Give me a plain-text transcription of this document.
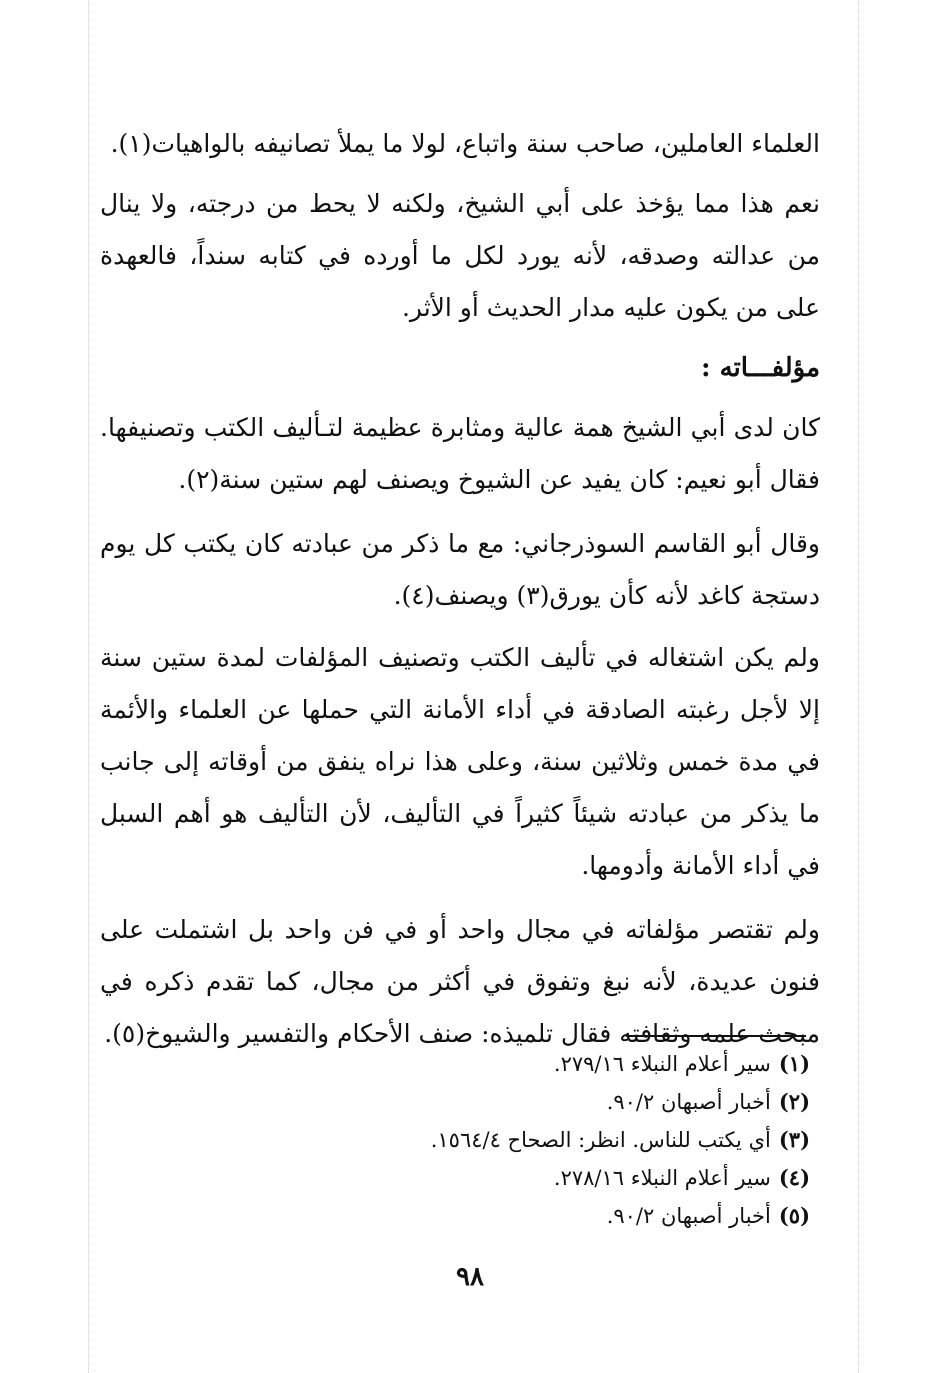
العلماء العاملين، صاحب سنة واتباع، لولا ما يملأ تصانيفه بالواهيات(١).

نعم هذا مما يؤخذ على أبي الشيخ، ولكنه لا يحط من درجته، ولا ينال من عدالته وصدقه، لأنه يورد لكل ما أورده في كتابه سنداً، فالعهدة على من يكون عليه مدار الحديث أو الأثر.

مؤلفـــاته :

كان لدى أبي الشيخ همة عالية ومثابرة عظيمة لتـأليف الكتب وتصنيفها. فقال أبو نعيم: كان يفيد عن الشيوخ ويصنف لهم ستين سنة(٢).

وقال أبو القاسم السوذرجاني: مع ما ذكر من عبادته كان يكتب كل يوم دستجة كاغد لأنه كأن يورق(٣) ويصنف(٤).

ولم يكن اشتغاله في تأليف الكتب وتصنيف المؤلفات لمدة ستين سنة إلا لأجل رغبته الصادقة في أداء الأمانة التي حملها عن العلماء والأئمة في مدة خمس وثلاثين سنة، وعلى هذا نراه ينفق من أوقاته إلى جانب ما يذكر من عبادته شيئاً كثيراً في التأليف، لأن التأليف هو أهم السبل في أداء الأمانة وأدومها.

ولم تقتصر مؤلفاته في مجال واحد أو في فن واحد بل اشتملت على فنون عديدة، لأنه نبغ وتفوق في أكثر من مجال، كما تقدم ذكره في مبحث علمه وثقافته فقال تلميذه: صنف الأحكام والتفسير والشيوخ(٥).

(١)سير أعلام النبلاء ٢٧٩/١٦.

(٢)أخبار أصبهان ٩٠/٢.

(٣)أي يكتب للناس. انظر: الصحاح ١٥٦٤/٤.

(٤)سير أعلام النبلاء ٢٧٨/١٦.

(٥)أخبار أصبهان ٩٠/٢.

٩٨
